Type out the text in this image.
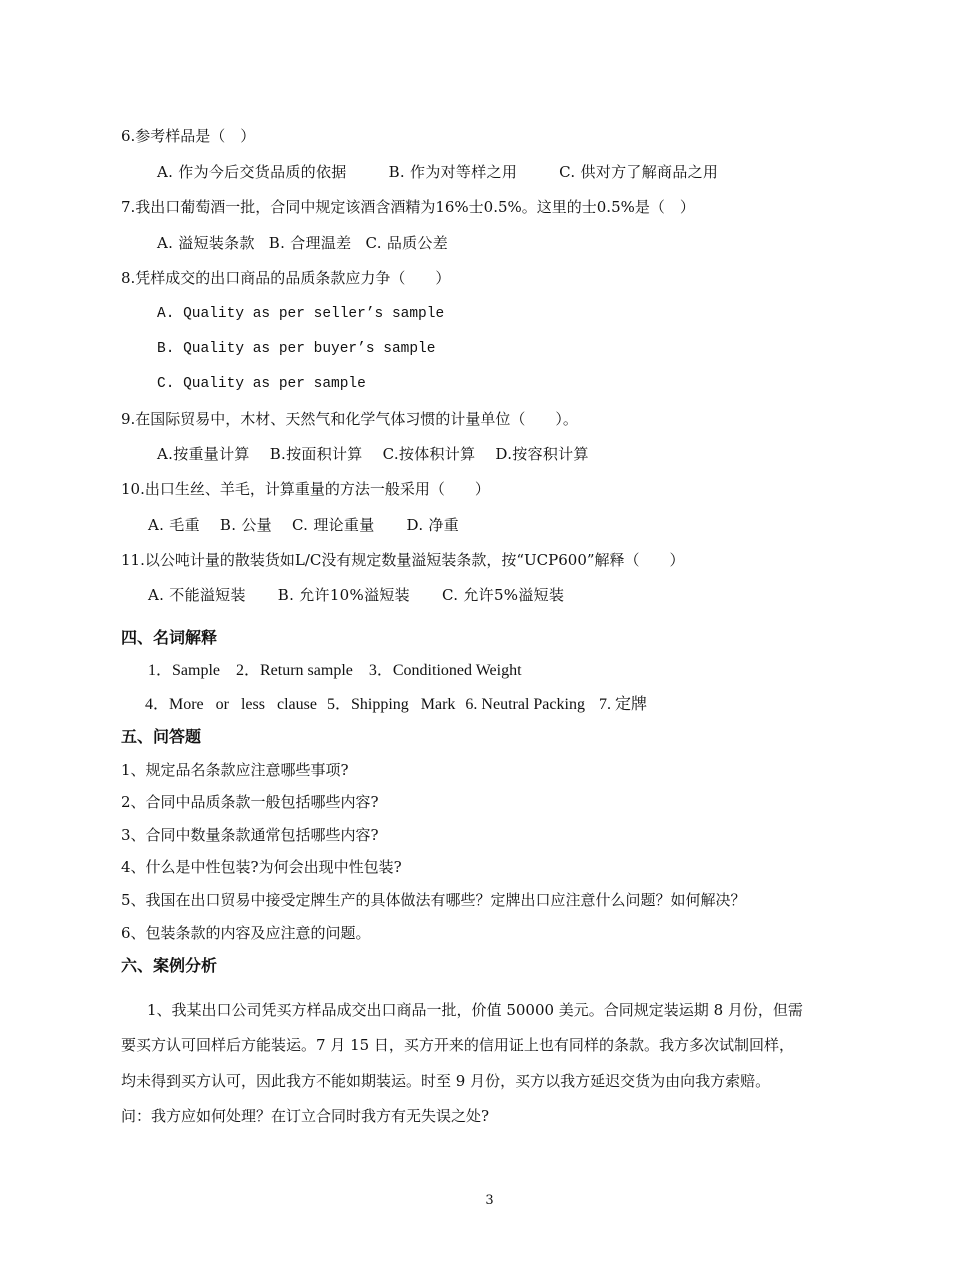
6.参考样品是（　）
A. 作为今后交货品质的依据	B. 作为对等样之用	C. 供对方了解商品之用
7.我出口葡萄酒一批，合同中规定该酒含酒精为16%士0.5%。这里的士0.5%是（　）
A. 溢短装条款 B. 合理温差 C. 品质公差
8.凭样成交的出口商品的品质条款应力争（　　）
A. Quality as per seller’s sample
B. Quality as per buyer’s sample
C. Quality as per sample
9.在国际贸易中，木材、天然气和化学气体习惯的计量单位（　　）。
A.按重量计算 B.按面积计算 C.按体积计算 D.按容积计算
10.出口生丝、羊毛，计算重量的方法一般采用（　　）
A. 毛重 B. 公量 C. 理论重量 D. 净重
11.以公吨计量的散装货如L/C没有规定数量溢短装条款，按“UCP600”解释（　　）
A. 不能溢短装 B. 允许10%溢短装 C. 允许5%溢短装
四、名词解释
1．Sample 2．Return sample 3．Conditioned Weight
4．More or less clause 5．Shipping Mark 6. Neutral Packing 7. 定牌
五、问答题
1、规定品名条款应注意哪些事项?
2、合同中品质条款一般包括哪些内容?
3、合同中数量条款通常包括哪些内容?
4、什么是中性包装?为何会出现中性包装?
5、我国在出口贸易中接受定牌生产的具体做法有哪些？定牌出口应注意什么问题？如何解决？
6、包装条款的内容及应注意的问题。
六、案例分析
1、我某出口公司凭买方样品成交出口商品一批，价值 50000 美元。合同规定装运期 8 月份，但需
要买方认可回样后方能装运。7 月 15 日，买方开来的信用证上也有同样的条款。我方多次试制回样，
均未得到买方认可，因此我方不能如期装运。时至 9 月份，买方以我方延迟交货为由向我方索赔。
问：我方应如何处理？在订立合同时我方有无失误之处?
3
